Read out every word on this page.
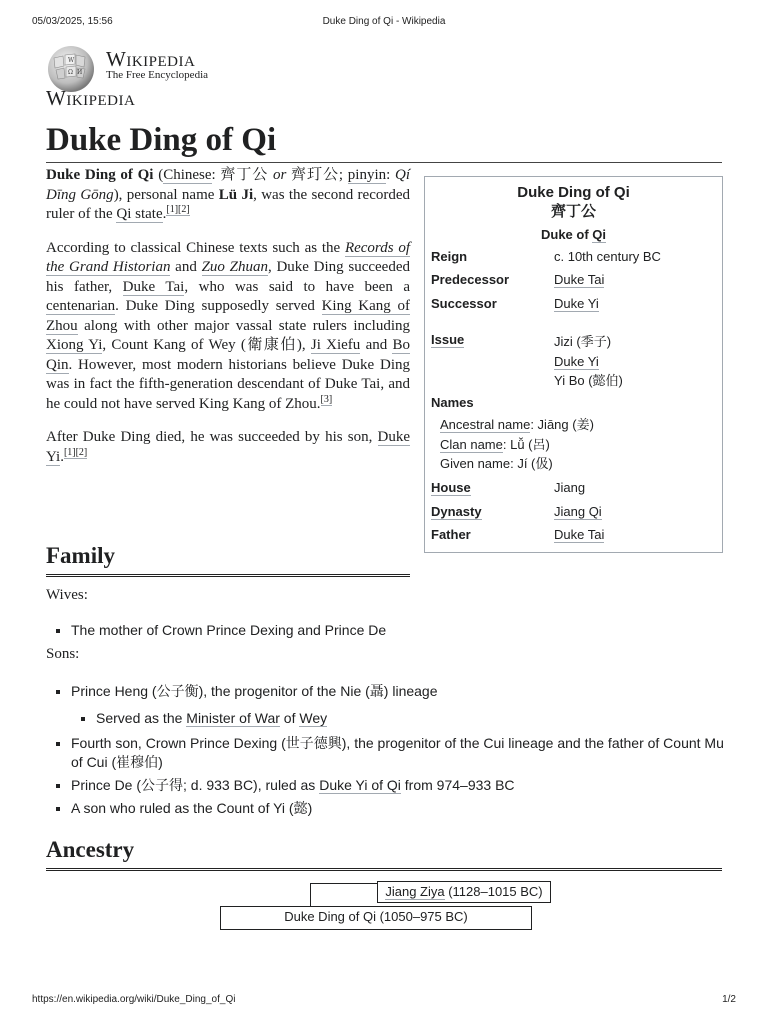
05/03/2025, 15:56	Duke Ding of Qi - Wikipedia
W
Ω И
Wikipedia
The Free Encyclopedia
Wikipedia
Duke Ding of Qi

Duke Ding of Qi (Chinese: 齊丁公 or 齊玎公; pinyin: Qí Dīng Gōng), personal name Lü Ji, was the second recorded ruler of the Qi state.[1][2]

According to classical Chinese texts such as the Records of the Grand Historian and Zuo Zhuan, Duke Ding succeeded his father, Duke Tai, who was said to have been a centenarian. Duke Ding supposedly served King Kang of Zhou along with other major vassal state rulers including Xiong Yi, Count Kang of Wey (衛康伯), Ji Xiefu and Bo Qin. However, most modern historians believe Duke Ding was in fact the fifth-generation descendant of Duke Tai, and he could not have served King Kang of Zhou.[3]

After Duke Ding died, he was succeeded by his son, Duke Yi.[1][2]

Duke Ding of Qi
齊丁公
Duke of Qi
Reign	c. 10th century BC
Predecessor	Duke Tai
Successor	Duke Yi
Issue	Jizi (季子)
Duke Yi
Yi Bo (懿伯)
Names
Ancestral name: Jiāng (姜)
Clan name: Lǚ (呂)
Given name: Jí (伋)
House	Jiang
Dynasty	Jiang Qi
Father	Duke Tai
Family
Wives:
The mother of Crown Prince Dexing and Prince De
Sons:
Prince Heng (公子衡), the progenitor of the Nie (聶) lineage
Served as the Minister of War of Wey
Fourth son, Crown Prince Dexing (世子德興), the progenitor of the Cui lineage and the father of Count Mu of Cui (崔穆伯)
Prince De (公子得; d. 933 BC), ruled as Duke Yi of Qi from 974–933 BC
A son who ruled as the Count of Yi (懿)
Ancestry
Jiang Ziya (1128–1015 BC)
Duke Ding of Qi (1050–975 BC)
https://en.wikipedia.org/wiki/Duke_Ding_of_Qi	1/2
